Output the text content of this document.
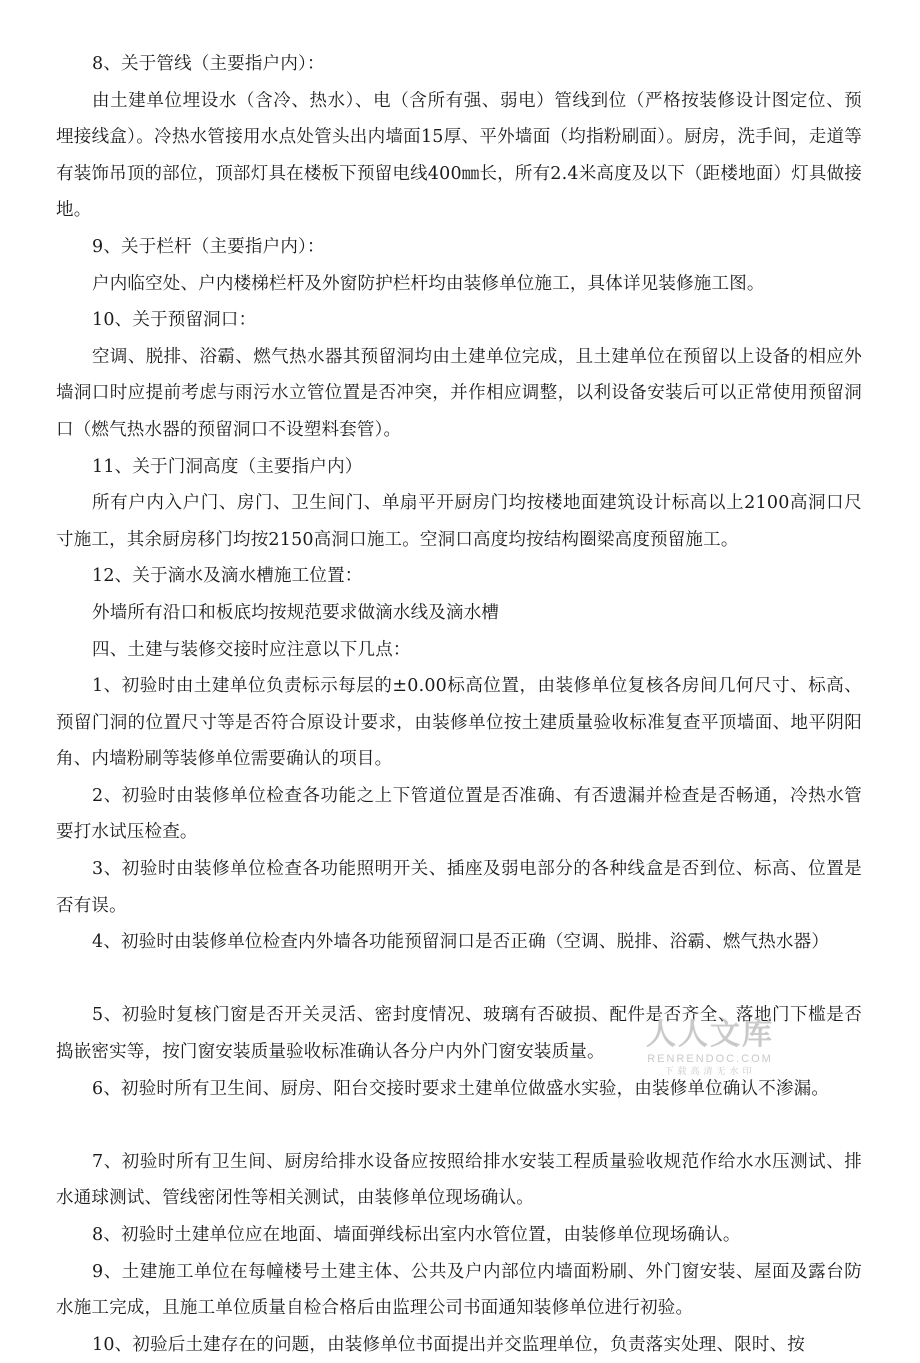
8、关于管线（主要指户内）：

由土建单位埋设水（含冷、热水）、电（含所有强、弱电）管线到位（严格按装修设计图定位、预埋接线盒）。冷热水管接用水点处管头出内墙面15厚、平外墙面（均指粉刷面）。厨房，洗手间，走道等有装饰吊顶的部位，顶部灯具在楼板下预留电线400㎜长，所有2.4米高度及以下（距楼地面）灯具做接地。

9、关于栏杆（主要指户内）：

户内临空处、户内楼梯栏杆及外窗防护栏杆均由装修单位施工，具体详见装修施工图。

10、关于预留洞口：

空调、脱排、浴霸、燃气热水器其预留洞均由土建单位完成，且土建单位在预留以上设备的相应外墙洞口时应提前考虑与雨污水立管位置是否冲突，并作相应调整，以利设备安装后可以正常使用预留洞口（燃气热水器的预留洞口不设塑料套管）。

11、关于门洞高度（主要指户内）

所有户内入户门、房门、卫生间门、单扇平开厨房门均按楼地面建筑设计标高以上2100高洞口尺寸施工，其余厨房移门均按2150高洞口施工。空洞口高度均按结构圈梁高度预留施工。

12、关于滴水及滴水槽施工位置：

外墙所有沿口和板底均按规范要求做滴水线及滴水槽

四、土建与装修交接时应注意以下几点：

1、初验时由土建单位负责标示每层的±0.00标高位置，由装修单位复核各房间几何尺寸、标高、预留门洞的位置尺寸等是否符合原设计要求，由装修单位按土建质量验收标准复查平顶墙面、地平阴阳角、内墙粉刷等装修单位需要确认的项目。

2、初验时由装修单位检查各功能之上下管道位置是否准确、有否遗漏并检查是否畅通，冷热水管要打水试压检查。

3、初验时由装修单位检查各功能照明开关、插座及弱电部分的各种线盒是否到位、标高、位置是否有误。

4、初验时由装修单位检查内外墙各功能预留洞口是否正确（空调、脱排、浴霸、燃气热水器）

5、初验时复核门窗是否开关灵活、密封度情况、玻璃有否破损、配件是否齐全、落地门下槛是否捣嵌密实等，按门窗安装质量验收标准确认各分户内外门窗安装质量。

6、初验时所有卫生间、厨房、阳台交接时要求土建单位做盛水实验，由装修单位确认不渗漏。

7、初验时所有卫生间、厨房给排水设备应按照给排水安装工程质量验收规范作给水水压测试、排水通球测试、管线密闭性等相关测试，由装修单位现场确认。

8、初验时土建单位应在地面、墙面弹线标出室内水管位置，由装修单位现场确认。

9、土建施工单位在每幢楼号土建主体、公共及户内部位内墙面粉刷、外门窗安装、屋面及露台防水施工完成，且施工单位质量自检合格后由监理公司书面通知装修单位进行初验。

10、初验后土建存在的问题，由装修单位书面提出并交监理单位，负责落实处理、限时、按

人人文库
RENRENDOC.COM
下载高清无水印
